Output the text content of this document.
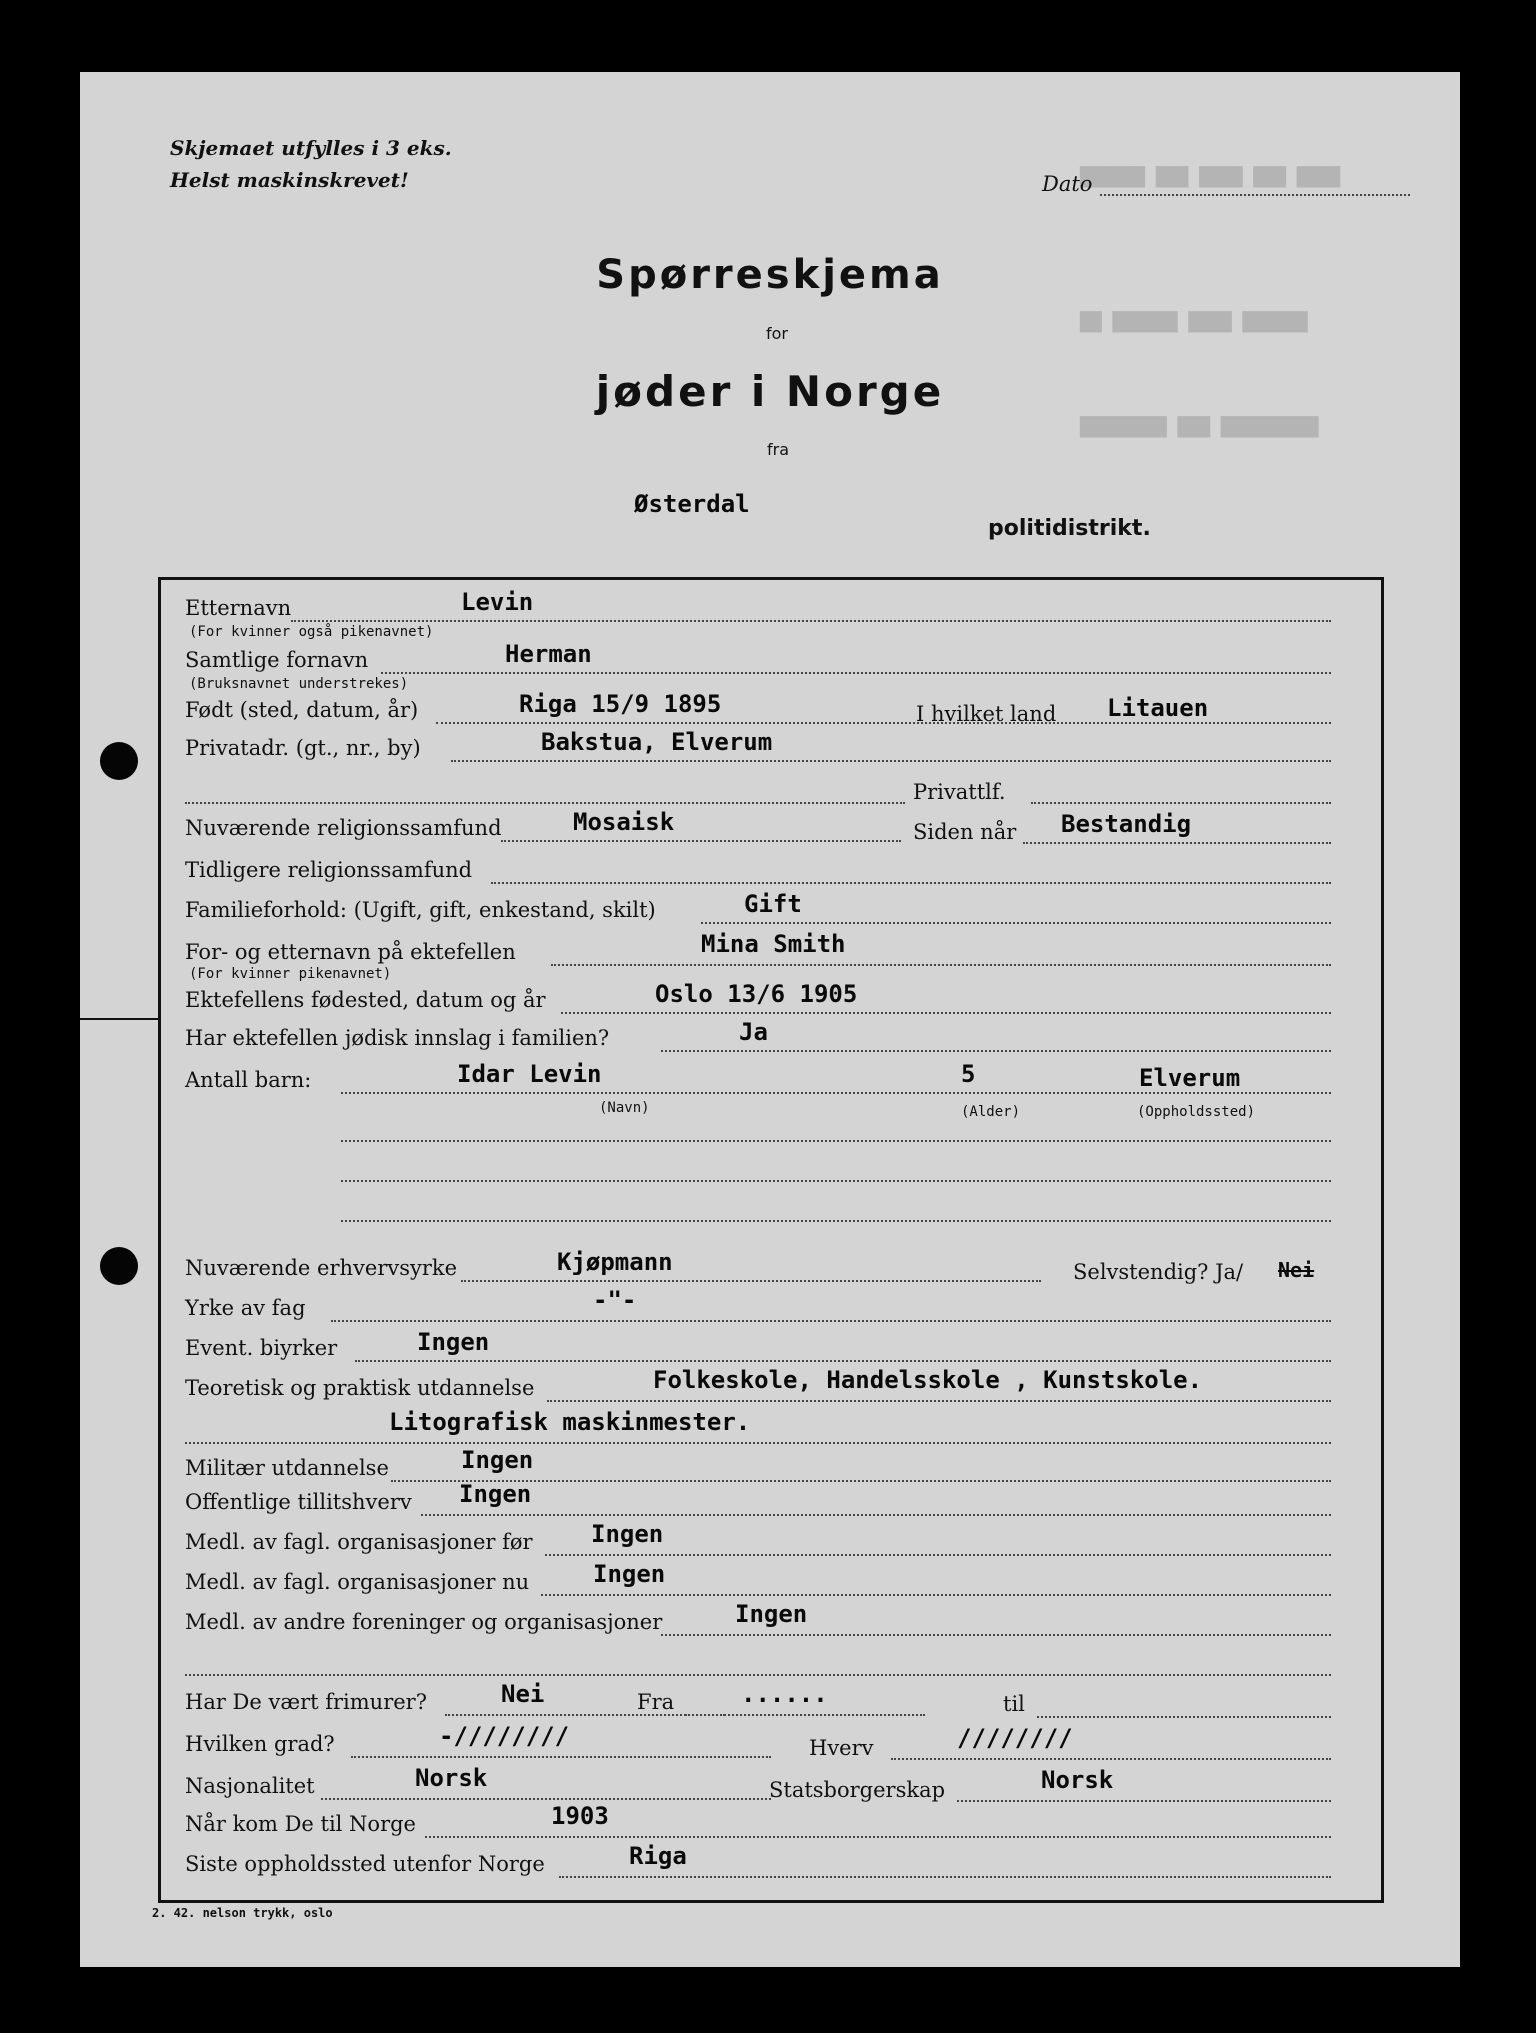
██████ ███ ████ ███ ████
██ ██████ ████ ██████
████████ ███ █████████
Skjemaet utfylles i 3 eks.
Helst maskinskrevet!	Dato
Spørreskjema
for
jøder i Norge
fra
Østerdal
politidistrikt.
Etternavn	Levin
(For kvinner også pikenavnet)
Samtlige fornavn	Herman
(Bruksnavnet understrekes)
Født (sted, datum, år)	Riga 15/9 1895	I hvilket land Litauen
Privatadr. (gt., nr., by)	Bakstua, Elverum
Privattlf.
Nuværende religionssamfund	Mosaisk	Siden når Bestandig
Tidligere religionssamfund
Familieforhold: (Ugift, gift, enkestand, skilt)	Gift
For- og etternavn på ektefellen	Mina Smith
(For kvinner pikenavnet)
Ektefellens fødested, datum og år	Oslo 13/6 1905
Har ektefellen jødisk innslag i familien?	Ja
Antall barn:	Idar Levin	5	Elverum
(Navn)	(Alder)	(Oppholdssted)
Nuværende erhvervsyrke	Kjøpmann	Selvstendig? Ja/ Nei
Yrke av fag	-"-
Event. biyrker	Ingen
Teoretisk og praktisk utdannelse	Folkeskole, Handelsskole , Kunstskole.
Litografisk maskinmester.
Militær utdannelse	Ingen
Offentlige tillitshverv Ingen
Medl. av fagl. organisasjoner før Ingen
Medl. av fagl. organisasjoner nu	Ingen
Medl. av andre foreninger og organisasjoner	Ingen
Har De vært frimurer?	Nei	Fra	......	til
Hvilken grad?	-////////	Hverv	////////
Nasjonalitet	Norsk	Statsborgerskap	Norsk
Når kom De til Norge	1903
Siste oppholdssted utenfor Norge	Riga
2. 42. nelson trykk, oslo
